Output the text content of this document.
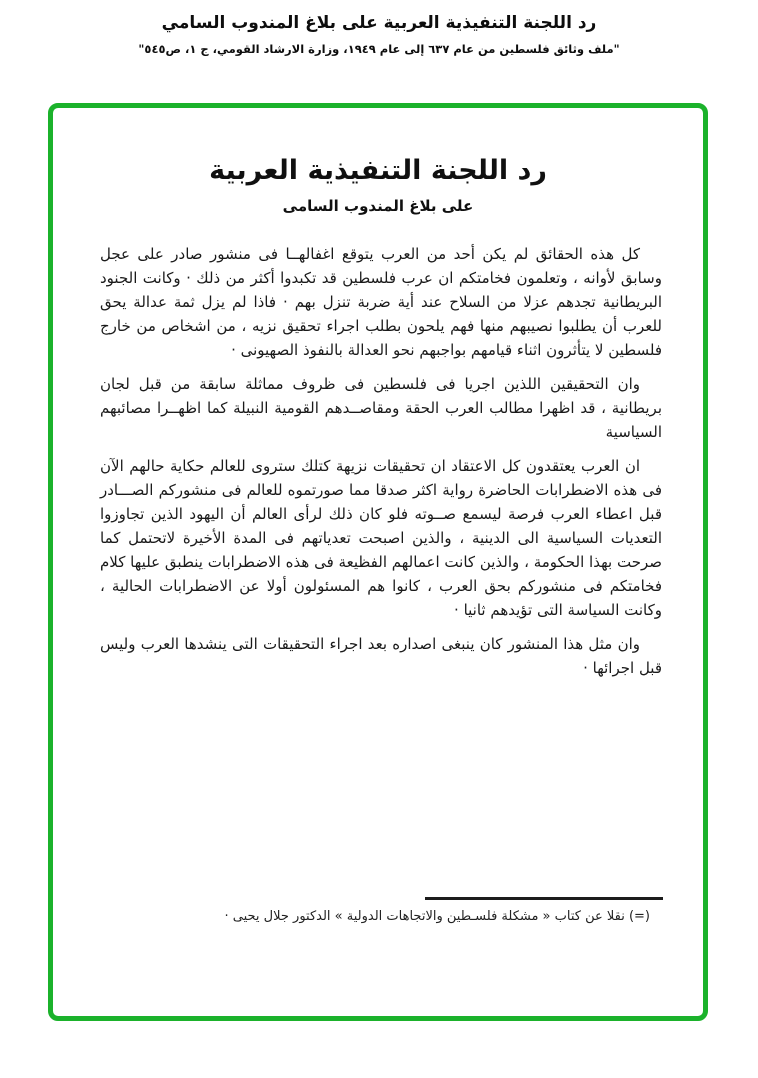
رد اللجنة التنفيذية العربية على بلاغ المندوب السامي
"ملف وثائق فلسطين من عام ٦٣٧ إلى عام ١٩٤٩، وزارة الارشاد القومي، ج ١، ص٥٤٥"
رد اللجنة التنفيذية العربية
على بلاغ المندوب السامى

كل هذه الحقائق لم يكن أحد من العرب يتوقع اغفالهــا فى منشور صادر على عجل وسابق لأوانه ، وتعلمون فخامتكم ان عرب فلسطين قد تكبدوا أكثر من ذلك · وكانت الجنود البريطانية تجدهم عزلا من السلاح عند أية ضربة تنزل بهم · فاذا لم يزل ثمة عدالة يحق للعرب أن يطلبوا نصيبهم منها فهم يلحون بطلب اجراء تحقيق نزيه ، من اشخاص من خارج فلسطين لا يتأثرون اثناء قيامهم بواجبهم نحو العدالة بالنفوذ الصهيونى ·

وان التحقيقين اللذين اجريا فى فلسطين فى ظروف مماثلة سابقة من قبل لجان بريطانية ، قد اظهرا مطالب العرب الحقة ومقاصــدهم القومية النبيلة كما اظهــرا مصائبهم السياسية

ان العرب يعتقدون كل الاعتقاد ان تحقيقات نزيهة كتلك ستروى للعالم حكاية حالهم الآن فى هذه الاضطرابات الحاضرة رواية اكثر صدقا مما صورتموه للعالم فى منشوركم الصـــادر قبل اعطاء العرب فرصة ليسمع صــوته فلو كان ذلك لرأى العالم أن اليهود الذين تجاوزوا التعديات السياسية الى الدينية ، والذين اصبحت تعدياتهم فى المدة الأخيرة لاتحتمل كما صرحت بهذا الحكومة ، والذين كانت اعمالهم الفظيعة فى هذه الاضطرابات ينطبق عليها كلام فخامتكم فى منشوركم بحق العرب ، كانوا هم المسئولون أولا عن الاضطرابات الحالية ، وكانت السياسة التى تؤيدهم ثانيا ·

وان مثل هذا المنشور كان ينبغى اصداره بعد اجراء التحقيقات التى ينشدها العرب وليس قبل اجرائها ·

(=) نقلا عن كتاب « مشكلة فلسـطين والاتجاهات الدولية » الدكتور جلال يحيى ·
